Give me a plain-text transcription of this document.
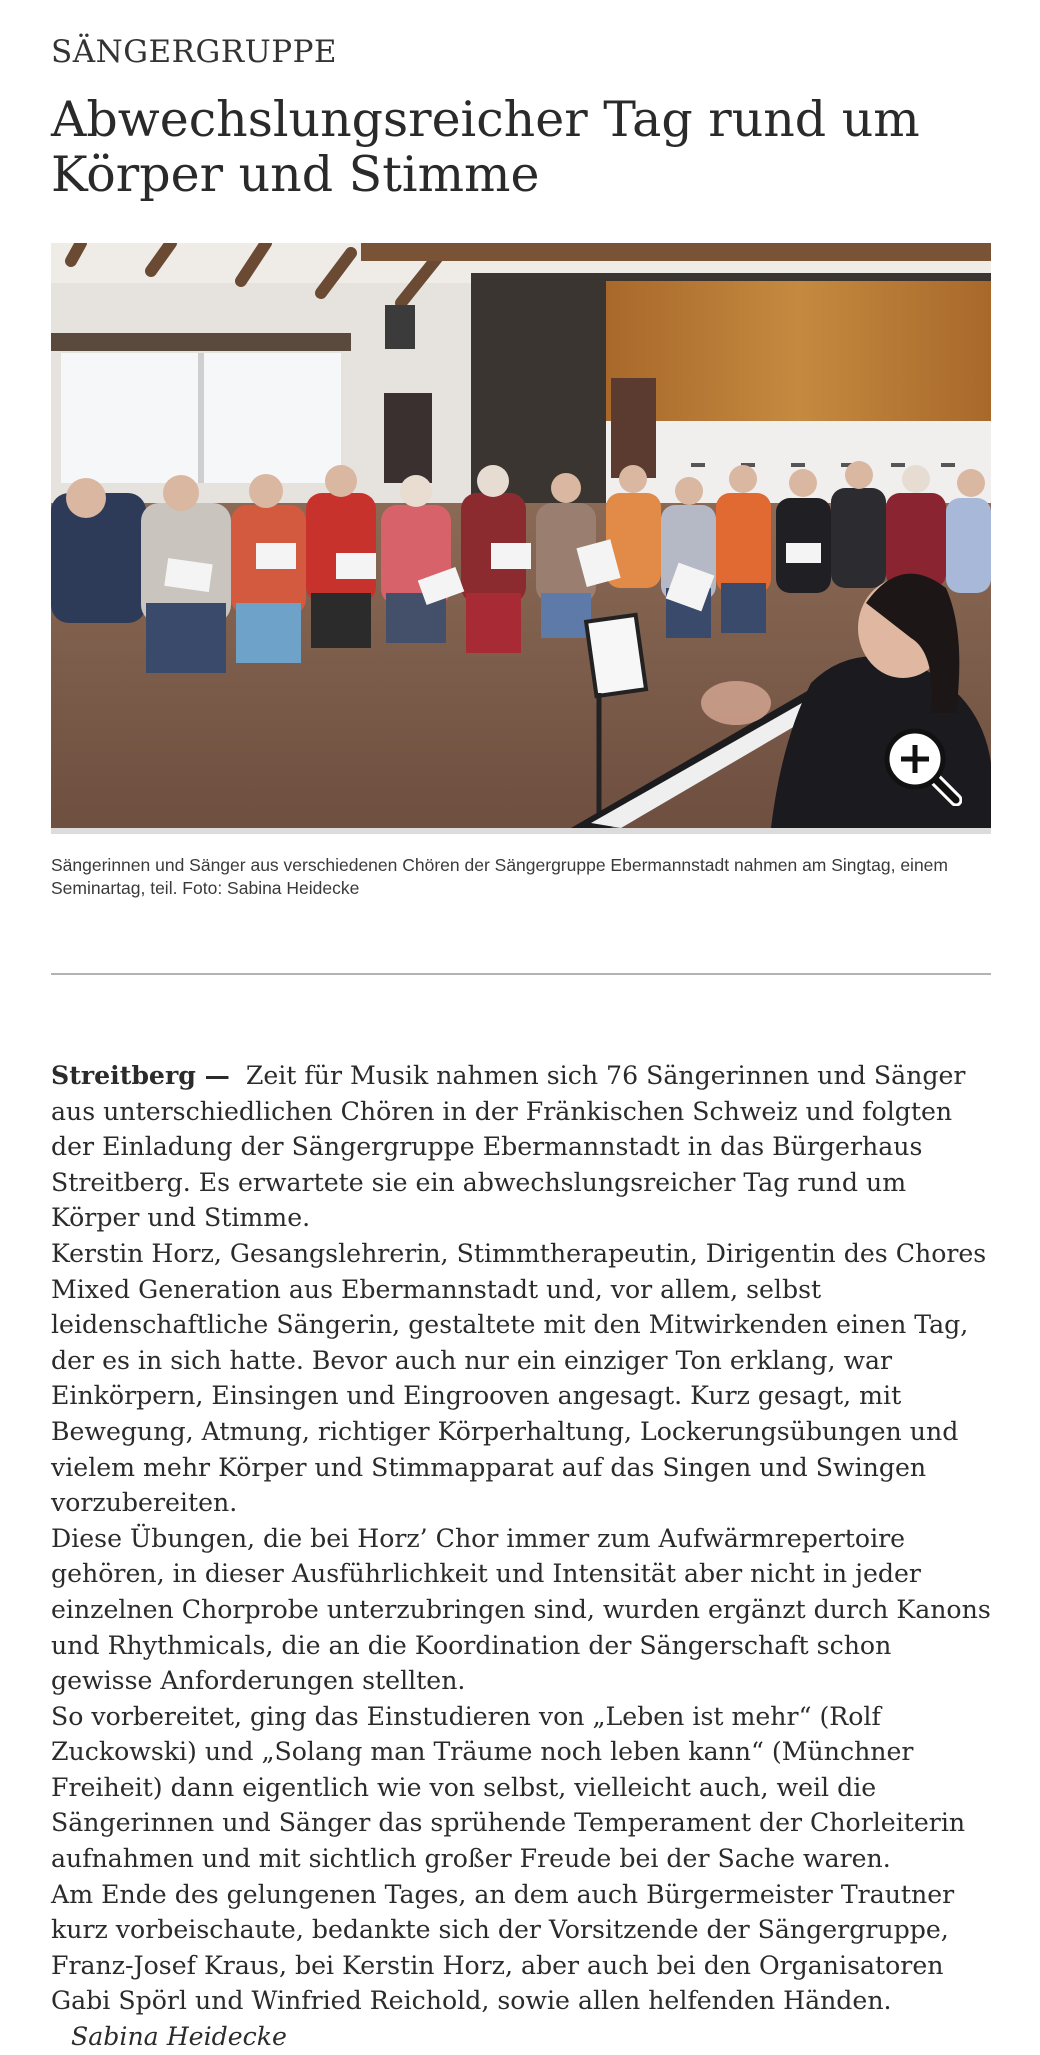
SÄNGERGRUPPE
Abwechslungsreicher Tag rund um Körper und Stimme

Sängerinnen und Sänger aus verschiedenen Chören der Sängergruppe Ebermannstadt nahmen am Singtag, einem Seminartag, teil. Foto: Sabina Heidecke

Streitberg — Zeit für Musik nahmen sich 76 Sängerinnen und Sänger aus unterschiedlichen Chören in der Fränkischen Schweiz und folgten der Einladung der Sängergruppe Ebermannstadt in das Bürgerhaus Streitberg. Es erwartete sie ein abwechslungsreicher Tag rund um Körper und Stimme.

Kerstin Horz, Gesangslehrerin, Stimmtherapeutin, Dirigentin des Chores Mixed Generation aus Ebermannstadt und, vor allem, selbst leidenschaftliche Sängerin, gestaltete mit den Mitwirkenden einen Tag, der es in sich hatte. Bevor auch nur ein einziger Ton erklang, war Einkörpern, Einsingen und Eingrooven angesagt. Kurz gesagt, mit Bewegung, Atmung, richtiger Körperhaltung, Lockerungsübungen und vielem mehr Körper und Stimmapparat auf das Singen und Swingen vorzubereiten.

Diese Übungen, die bei Horz’ Chor immer zum Aufwärmrepertoire gehören, in dieser Ausführlichkeit und Intensität aber nicht in jeder einzelnen Chorprobe unterzubringen sind, wurden ergänzt durch Kanons und Rhythmicals, die an die Koordination der Sängerschaft schon gewisse Anforderungen stellten.

So vorbereitet, ging das Einstudieren von „Leben ist mehr“ (Rolf Zuckowski) und „Solang man Träume noch leben kann“ (Münchner Freiheit) dann eigentlich wie von selbst, vielleicht auch, weil die Sängerinnen und Sänger das sprühende Temperament der Chorleiterin aufnahmen und mit sichtlich großer Freude bei der Sache waren.

Am Ende des gelungenen Tages, an dem auch Bürgermeister Trautner kurz vorbeischaute, bedankte sich der Vorsitzende der Sängergruppe, Franz-Josef Kraus, bei Kerstin Horz, aber auch bei den Organisatoren Gabi Spörl und Winfried Reichold, sowie allen helfenden Händen.

Sabina Heidecke
